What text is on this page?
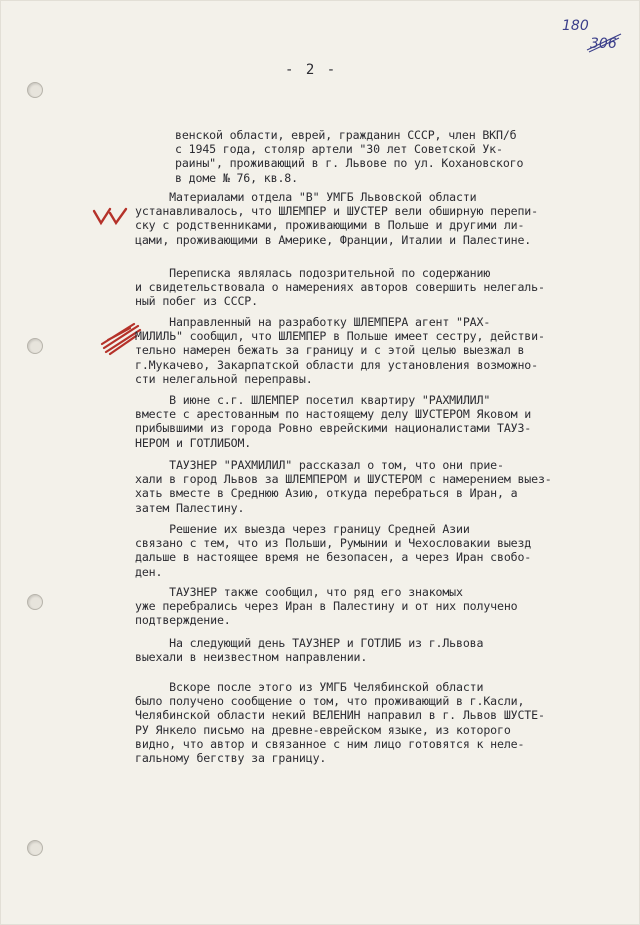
180
306
- 2 -
венской области, еврей, гражданин СССР, член ВКП/б
с 1945 года, столяр артели "30 лет Советской Ук-
раины", проживающий в г. Львове по ул. Кохановского
в доме № 76, кв.8.
Материалами отдела "В" УМГБ Львовской области
устанавливалось, что ШЛЕМПЕР и ШУСТЕР вели обширную перепи-
ску с родственниками, проживающими в Польше и другими ли-
цами, проживающими в Америке, Франции, Италии и Палестине.
Переписка являлась подозрительной по содержанию
и свидетельствовала о намерениях авторов совершить нелегаль-
ный побег из СССР.
Направленный на разработку ШЛЕМПЕРА агент "РАХ-
МИЛИЛЬ" сообщил, что ШЛЕМПЕР в Польше имеет сестру, действи-
тельно намерен бежать за границу и с этой целью выезжал в
г.Мукачево, Закарпатской области для установления возможно-
сти нелегальной переправы.
В июне с.г. ШЛЕМПЕР посетил квартиру "РАХМИЛИЛ"
вместе с арестованным по настоящему делу ШУСТЕРОМ Яковом и
прибывшими из города Ровно еврейскими националистами ТАУЗ-
НЕРОМ и ГОТЛИБОМ.
ТАУЗНЕР "РАХМИЛИЛ" рассказал о том, что они прие-
хали в город Львов за ШЛЕМПЕРОМ и ШУСТЕРОМ с намерением выез-
хать вместе в Среднюю Азию, откуда перебраться в Иран, а
затем Палестину.
Решение их выезда через границу Средней Азии
связано с тем, что из Польши, Румынии и Чехословакии выезд
дальше в настоящее время не безопасен, а через Иран свобо-
ден.
ТАУЗНЕР также сообщил, что ряд его знакомых
уже перебрались через Иран в Палестину и от них получено
подтверждение.
На следующий день ТАУЗНЕР и ГОТЛИБ из г.Львова
выехали в неизвестном направлении.
Вскоре после этого из УМГБ Челябинской области
было получено сообщение о том, что проживающий в г.Касли,
Челябинской области некий ВЕЛЕНИН направил в г. Львов ШУСТЕ-
РУ Янкело письмо на древне-еврейском языке, из которого
видно, что автор и связанное с ним лицо готовятся к неле-
гальному бегству за границу.
